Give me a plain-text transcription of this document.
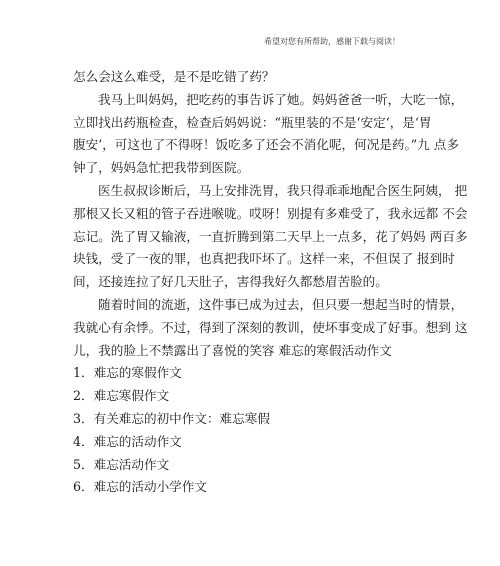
希望对您有所帮助，感谢下载与阅读！
怎么会这么难受，是不是吃错了药？
我马上叫妈妈，把吃药的事告诉了她。妈妈爸爸一听，大吃一惊，
立即找出药瓶检查，检查后妈妈说：“瓶里装的不是‘安定‘，是‘胃
腹安’，可这也了不得呀！饭吃多了还会不消化呢，何况是药。”九 点多
钟了，妈妈急忙把我带到医院。
医生叔叔诊断后，马上安排洗胃，我只得乖乖地配合医生阿姨， 把
那根又长又粗的管子吞进喉咙。哎呀！别提有多难受了，我永远都 不会
忘记。洗了胃又输液，一直折腾到第二天早上一点多，花了妈妈 两百多
块钱，受了一夜的罪，也真把我吓坏了。这样一来，不但误了 报到时
间，还接连拉了好几天肚子，害得我好久都愁眉苦脸的。
随着时间的流逝，这件事已成为过去，但只要一想起当时的情景，
我就心有余悸。不过，得到了深刻的教训，使坏事变成了好事。想到 这
儿，我的脸上不禁露出了喜悦的笑容 难忘的寒假活动作文
1．难忘的寒假作文
2．难忘寒假作文
3．有关难忘的初中作文：难忘寒假
4．难忘的活动作文
5．难忘活动作文
6．难忘的活动小学作文
